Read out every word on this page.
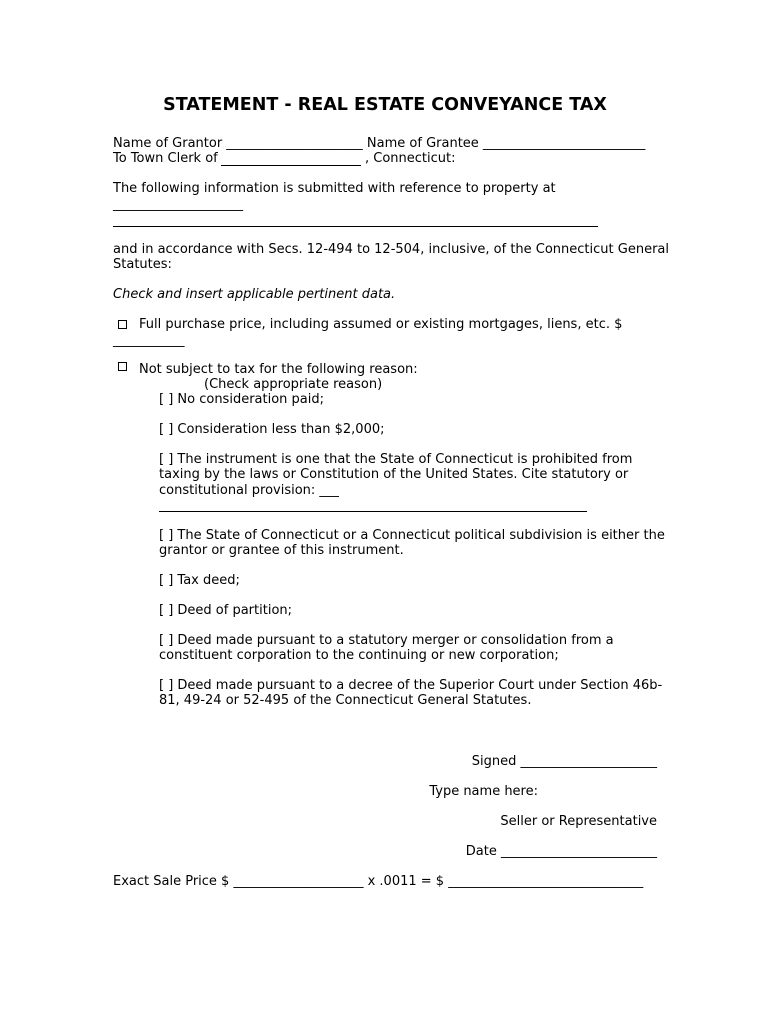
STATEMENT - REAL ESTATE CONVEYANCE TAX
Name of Grantor _____________________ Name of Grantee _________________________
To Town Clerk of	, Connecticut:
The following information is submitted with reference to property at
____________________
and in accordance with Secs. 12-494 to 12-504, inclusive, of the Connecticut General
Statutes:
Check and insert applicable pertinent data.
Full purchase price, including assumed or existing mortgages, liens, etc. $
___________
Not subject to tax for the following reason:
(Check appropriate reason)
[ ] No consideration paid;
[ ] Consideration less than $2,000;
[ ] The instrument is one that the State of Connecticut is prohibited from
taxing by the laws or Constitution of the United States. Cite statutory or
constitutional provision: ___
[ ] The State of Connecticut or a Connecticut political subdivision is either the
grantor or grantee of this instrument.
[ ] Tax deed;
[ ] Deed of partition;
[ ] Deed made pursuant to a statutory merger or consolidation from a
constituent corporation to the continuing or new corporation;
[ ] Deed made pursuant to a decree of the Superior Court under Section 46b-
81, 49-24 or 52-495 of the Connecticut General Statutes.
Signed _____________________
Type name here:
Seller or Representative
Date ________________________
Exact Sale Price $ ____________________ x .0011 = $ ______________________________
